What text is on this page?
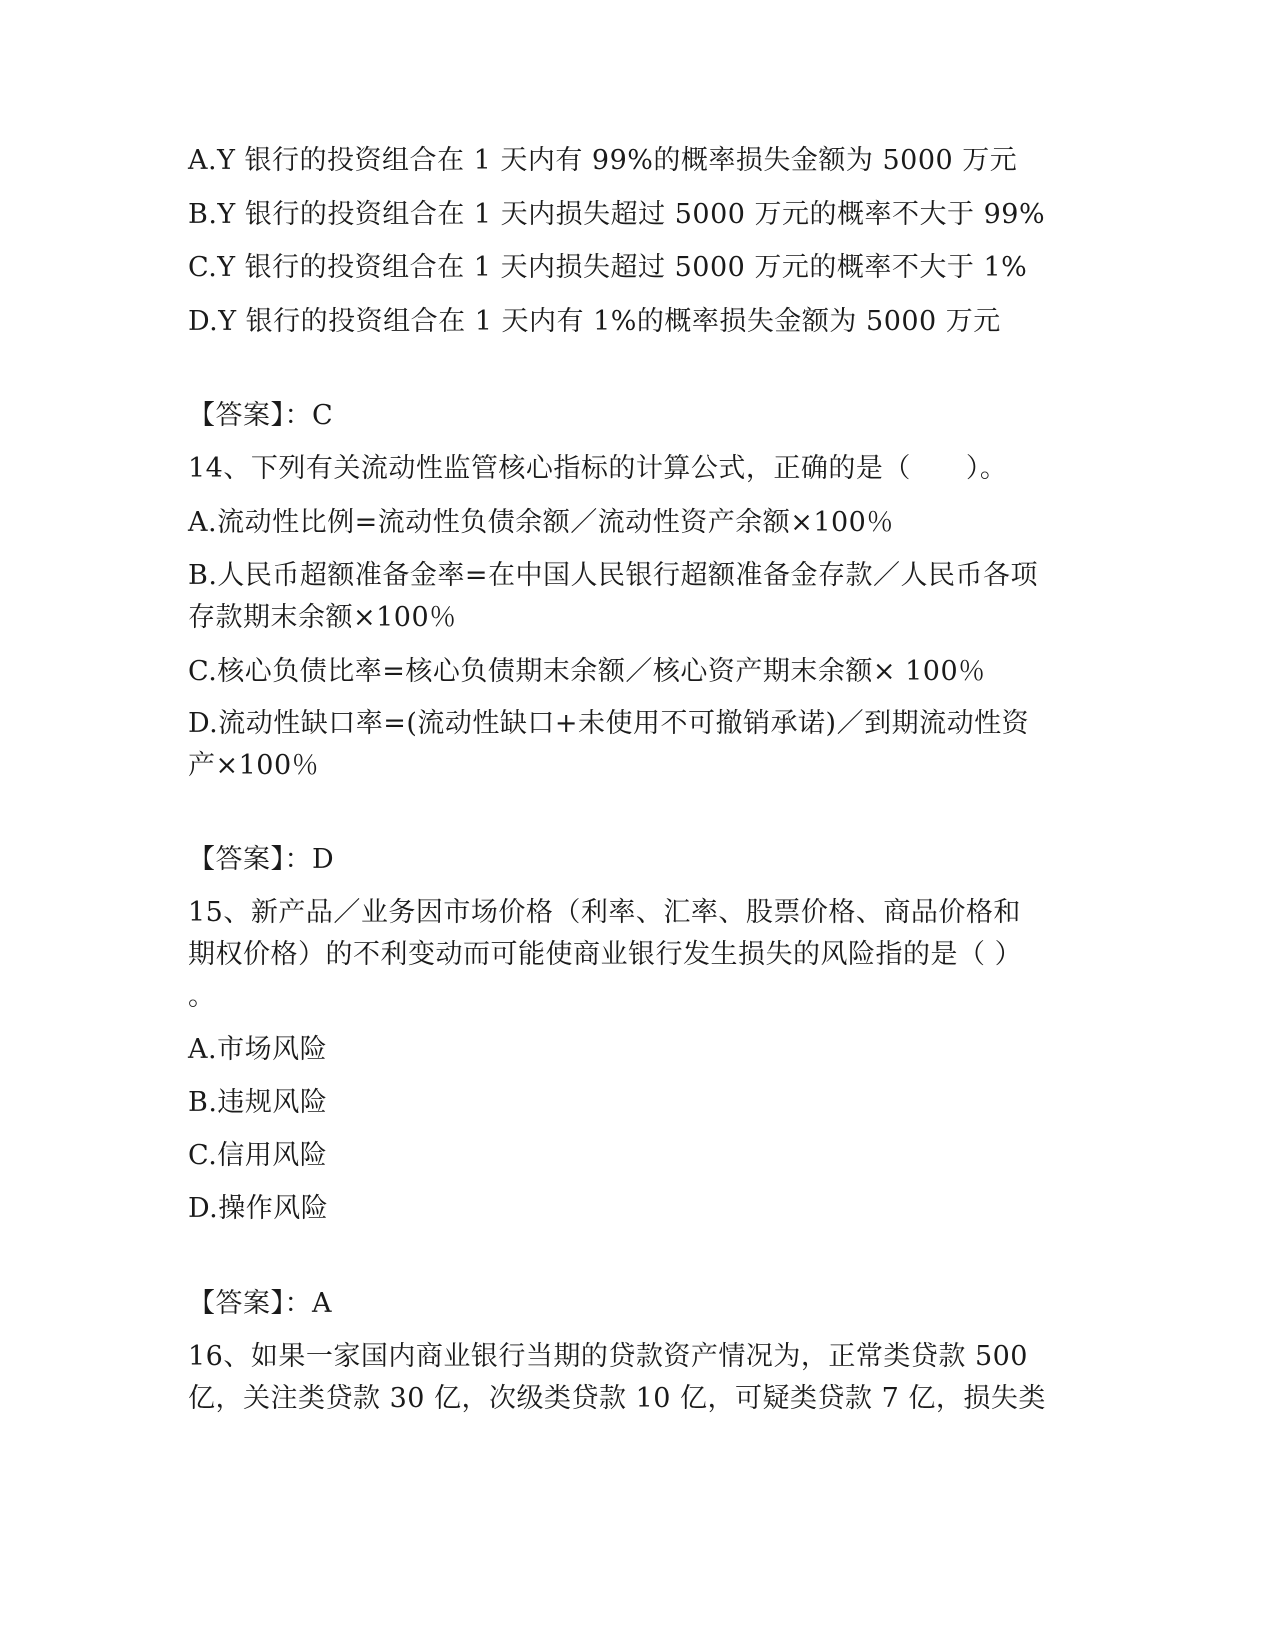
A.Y 银行的投资组合在 1 天内有 99%的概率损失金额为 5000 万元
B.Y 银行的投资组合在 1 天内损失超过 5000 万元的概率不大于 99%
C.Y 银行的投资组合在 1 天内损失超过 5000 万元的概率不大于 1%
D.Y 银行的投资组合在 1 天内有 1%的概率损失金额为 5000 万元
【答案】：C
14、下列有关流动性监管核心指标的计算公式，正确的是（　　）。
A.流动性比例=流动性负债余额／流动性资产余额×100％
B.人民币超额准备金率=在中国人民银行超额准备金存款／人民币各项
存款期末余额×100％
C.核心负债比率=核心负债期末余额／核心资产期末余额× 100％
D.流动性缺口率=(流动性缺口+未使用不可撤销承诺)／到期流动性资
产×100％
【答案】：D
15、新产品／业务因市场价格（利率、汇率、股票价格、商品价格和
期权价格）的不利变动而可能使商业银行发生损失的风险指的是（ ）
。
A.市场风险
B.违规风险
C.信用风险
D.操作风险
【答案】：A
16、如果一家国内商业银行当期的贷款资产情况为，正常类贷款 500
亿，关注类贷款 30 亿，次级类贷款 10 亿，可疑类贷款 7 亿，损失类
